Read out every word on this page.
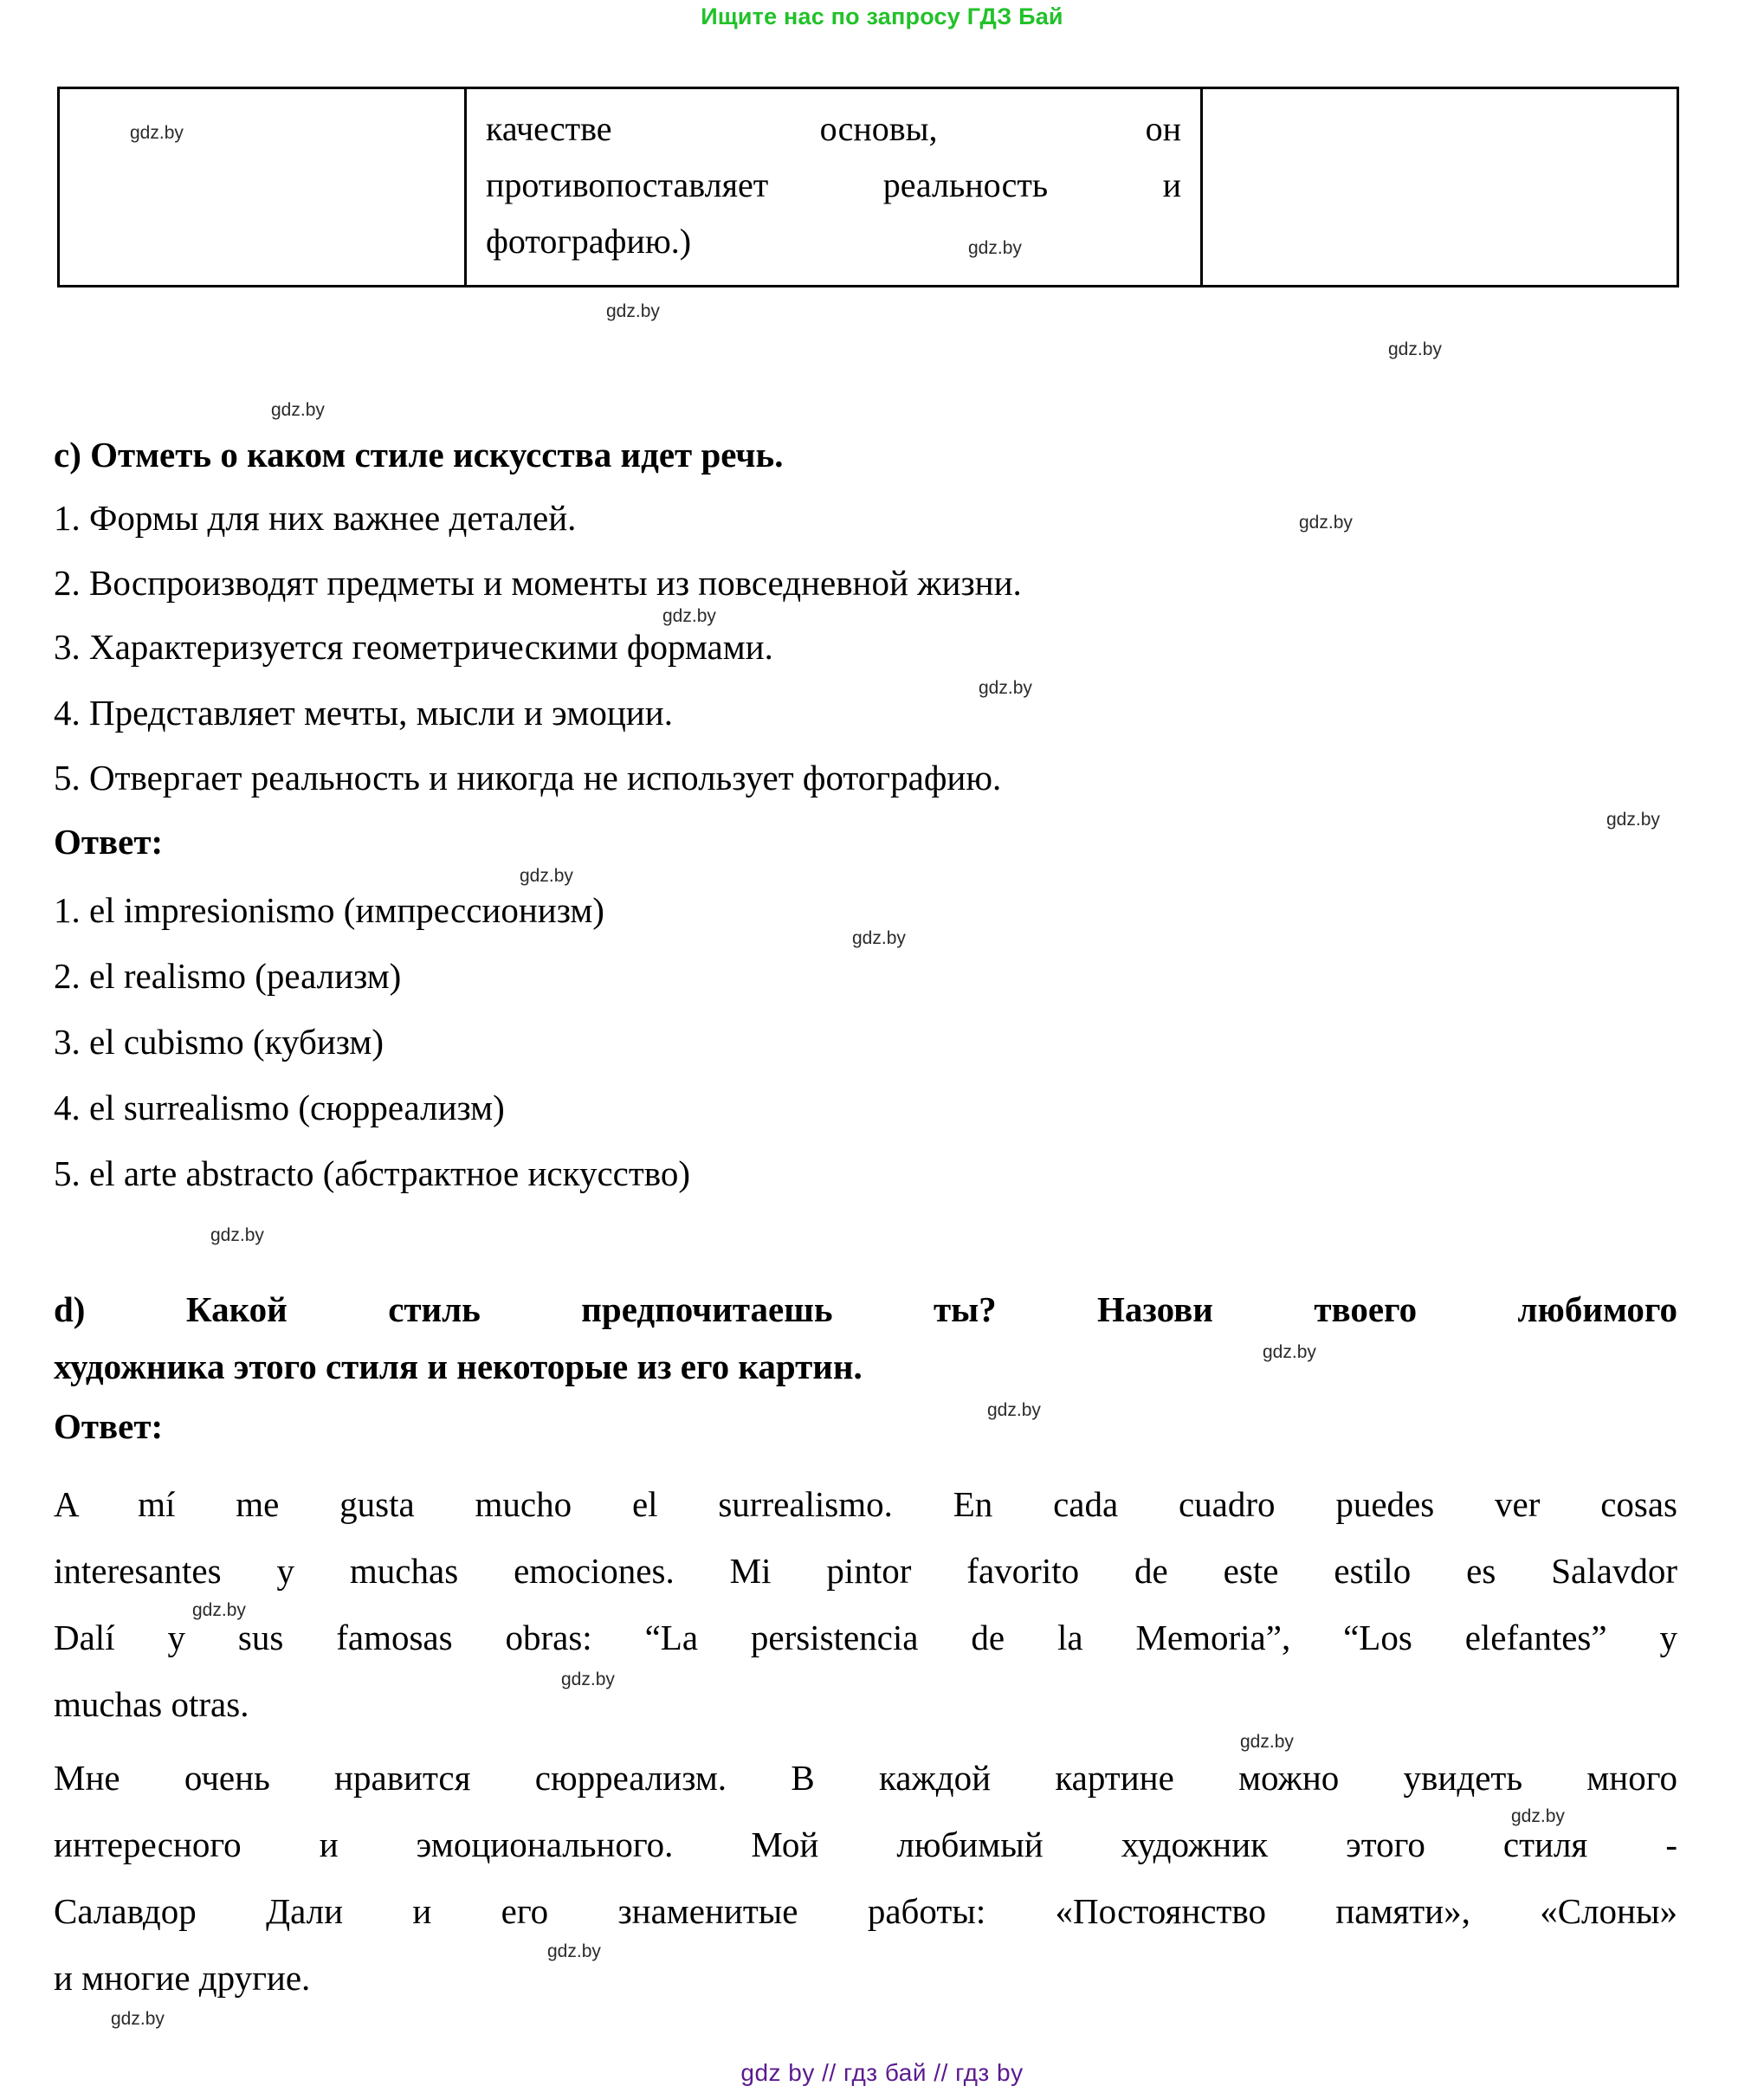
Ищите нас по запросу ГДЗ Бай

качестве основы, он
противопоставляет реальность и
фотографию.)

gdz.by
gdz.by
gdz.by
gdz.by
gdz.by
c) Отметь о каком стиле искусства идет речь.
1. Формы для них важнее деталей.	gdz.by
2. Воспроизводят предметы и моменты из повседневной жизни.
gdz.by
3. Характеризуется геометрическими формами.
gdz.by
4. Представляет мечты, мысли и эмоции.
5. Отвергает реальность и никогда не использует фотографию.
gdz.by
Ответ:
gdz.by
1. el impresionismo (импрессионизм)
gdz.by
2. el realismo (реализм)
3. el cubismo (кубизм)
4. el surrealismo (сюрреализм)
5. el arte abstracto (абстрактное искусство)
gdz.by
d) Какой стиль предпочитаешь ты? Назови твоего любимого
gdz.by
художника этого стиля и некоторые из его картин.
gdz.by
Ответ:
A mí me gusta mucho el surrealismo. En cada cuadro puedes ver cosas
interesantes y muchas emociones. Mi pintor favorito de este estilo es Salavdor
gdz.by
Dalí y sus famosas obras: “La persistencia de la Memoria”, “Los elefantes” y
gdz.by
muchas otras.
gdz.by
Мне очень нравится сюрреализм. В каждой картине можно увидеть много
gdz.by
интересного и эмоционального. Мой любимый художник этого стиля -
Салавдор Дали и его знаменитые работы: «Постоянство памяти», «Слоны»
gdz.by
и многие другие.
gdz.by
gdz by // гдз бай // гдз by
